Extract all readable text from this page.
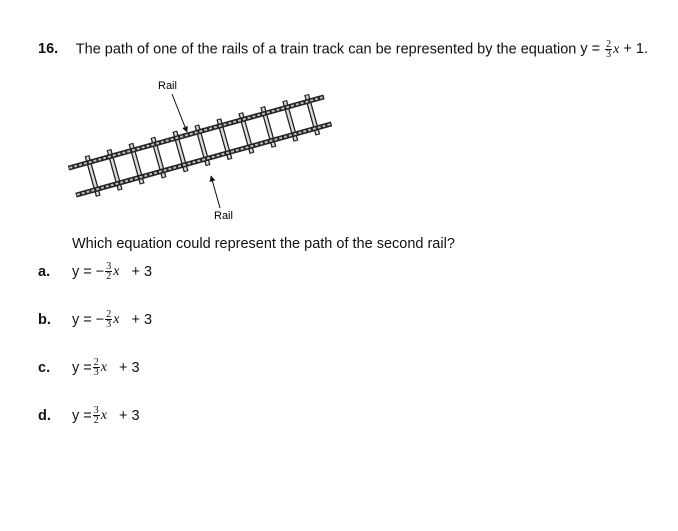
16. The path of one of the rails of a train track can be represented by the equation $y = \frac{2}{3}$ x + 1.
Rail
Rail
Which equation could represent the path of the second rail?
a. y = − $\frac{3}{2}$ x + 3
b. y = − $\frac{2}{3}$ x + 3
c. $y = \frac{2}{3}$ x + 3
d. $y = \frac{3}{2}$ x + 3
